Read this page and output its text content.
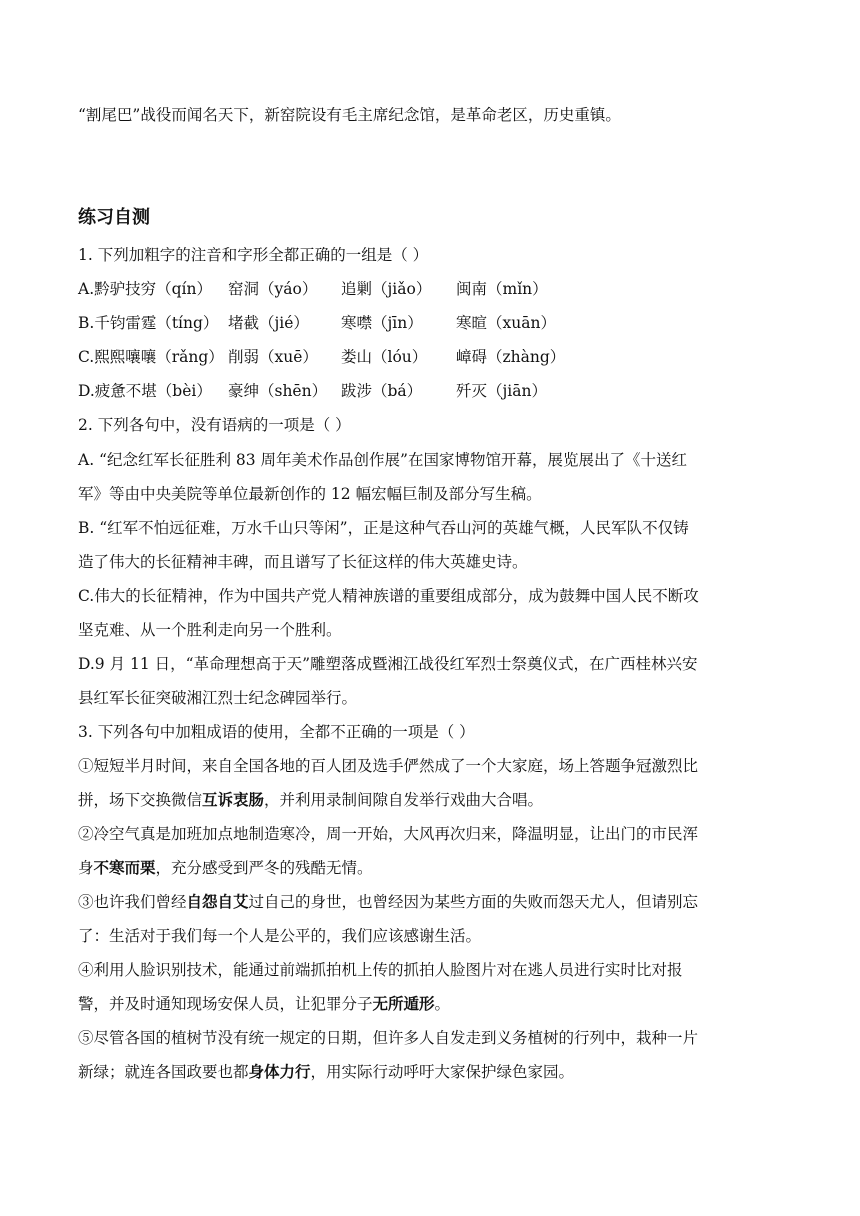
“割尾巴”战役而闻名天下，新窑院设有毛主席纪念馆，是革命老区，历史重镇。
练习自测
1. 下列加粗字的注音和字形全都正确的一组是（ ）
A.黔驴技穷（qín） 窑洞（yáo） 追剿（jiǎo） 闽南（mǐn）
B.千钧雷霆（tíng） 堵截（jié） 寒噤（jīn） 寒暄（xuān）
C.熙熙嚷嚷（rǎng） 削弱（xuē） 娄山（lóu） 嶂碍（zhàng）
D.疲惫不堪（bèi） 豪绅（shēn） 跋涉（bá） 歼灭（jiān）
2. 下列各句中，没有语病的一项是（ ）
A. “纪念红军长征胜利 83 周年美术作品创作展”在国家博物馆开幕，展览展出了《十送红
军》等由中央美院等单位最新创作的 12 幅宏幅巨制及部分写生稿。
B. “红军不怕远征难，万水千山只等闲”，正是这种气吞山河的英雄气概，人民军队不仅铸
造了伟大的长征精神丰碑，而且谱写了长征这样的伟大英雄史诗。
C.伟大的长征精神，作为中国共产党人精神族谱的重要组成部分，成为鼓舞中国人民不断攻
坚克难、从一个胜利走向另一个胜利。
D.9 月 11 日，“革命理想高于天”雕塑落成暨湘江战役红军烈士祭奠仪式，在广西桂林兴安
县红军长征突破湘江烈士纪念碑园举行。
3. 下列各句中加粗成语的使用，全都不正确的一项是（ ）
①短短半月时间，来自全国各地的百人团及选手俨然成了一个大家庭，场上答题争冠激烈比
拼，场下交换微信互诉衷肠，并利用录制间隙自发举行戏曲大合唱。
②冷空气真是加班加点地制造寒冷，周一开始，大风再次归来，降温明显，让出门的市民浑
身不寒而栗，充分感受到严冬的残酷无情。
③也许我们曾经自怨自艾过自己的身世，也曾经因为某些方面的失败而怨天尤人，但请别忘
了：生活对于我们每一个人是公平的，我们应该感谢生活。
④利用人脸识别技术，能通过前端抓拍机上传的抓拍人脸图片对在逃人员进行实时比对报
警，并及时通知现场安保人员，让犯罪分子无所遁形。
⑤尽管各国的植树节没有统一规定的日期，但许多人自发走到义务植树的行列中，栽种一片
新绿；就连各国政要也都身体力行，用实际行动呼吁大家保护绿色家园。
